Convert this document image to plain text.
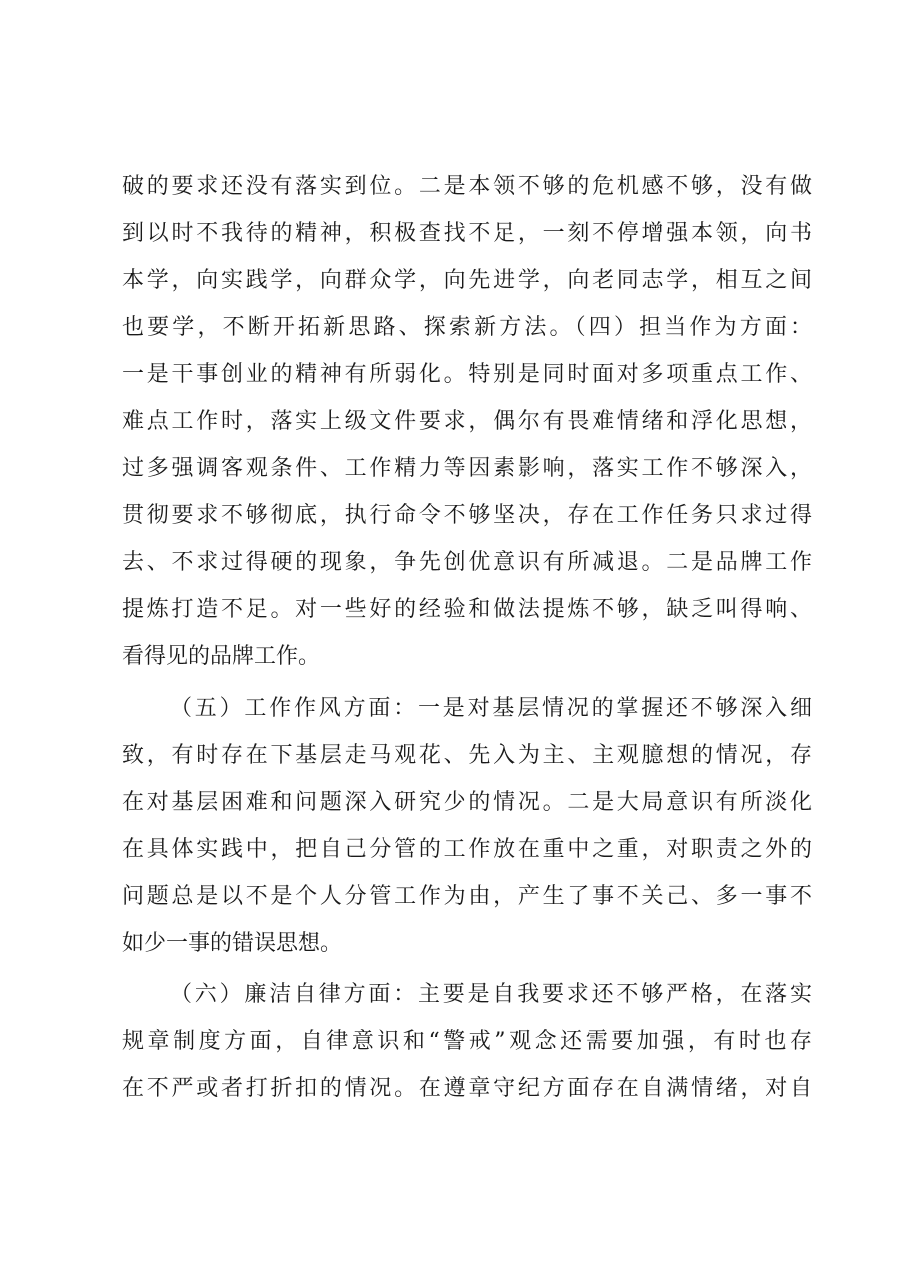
破的要求还没有落实到位。二是本领不够的危机感不够，没有做
到以时不我待的精神，积极查找不足，一刻不停增强本领，向书
本学，向实践学，向群众学，向先进学，向老同志学，相互之间
也要学，不断开拓新思路、探索新方法。（四）担当作为方面：
一是干事创业的精神有所弱化。特别是同时面对多项重点工作、
难点工作时，落实上级文件要求，偶尔有畏难情绪和浮化思想，
过多强调客观条件、工作精力等因素影响，落实工作不够深入，
贯彻要求不够彻底，执行命令不够坚决，存在工作任务只求过得
去、不求过得硬的现象，争先创优意识有所减退。二是品牌工作
提炼打造不足。对一些好的经验和做法提炼不够，缺乏叫得响、
看得见的品牌工作。
（五）工作作风方面：一是对基层情况的掌握还不够深入细
致，有时存在下基层走马观花、先入为主、主观臆想的情况，存
在对基层困难和问题深入研究少的情况。二是大局意识有所淡化
在具体实践中，把自己分管的工作放在重中之重，对职责之外的
问题总是以不是个人分管工作为由，产生了事不关己、多一事不
如少一事的错误思想。
（六）廉洁自律方面：主要是自我要求还不够严格，在落实
规章制度方面，自律意识和“警戒”观念还需要加强，有时也存
在不严或者打折扣的情况。在遵章守纪方面存在自满情绪，对自
